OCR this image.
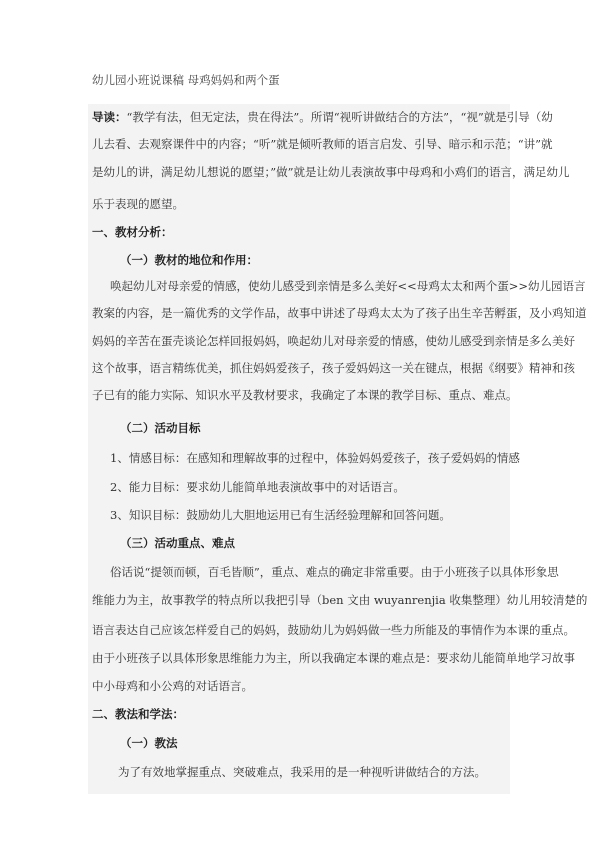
幼儿园小班说课稿 母鸡妈妈和两个蛋
导读：“教学有法，但无定法，贵在得法”。所谓“视听讲做结合的方法”，“视”就是引导（幼
儿去看、去观察课件中的内容；“听”就是倾听教师的语言启发、引导、暗示和示范；“讲”就
是幼儿的讲，满足幼儿想说的愿望；”做”就是让幼儿表演故事中母鸡和小鸡们的语言，满足幼儿
乐于表现的愿望。
一、教材分析：
（一）教材的地位和作用：
唤起幼儿对母亲爱的情感，使幼儿感受到亲情是多么美好<<母鸡太太和两个蛋>>幼儿园语言
教案的内容，是一篇优秀的文学作品，故事中讲述了母鸡太太为了孩子出生辛苦孵蛋，及小鸡知道
妈妈的辛苦在蛋壳谈论怎样回报妈妈，唤起幼儿对母亲爱的情感，使幼儿感受到亲情是多么美好
这个故事，语言精练优美，抓住妈妈爱孩子，孩子爱妈妈这一关在键点，根据《纲要》精神和孩
子已有的能力实际、知识水平及教材要求，我确定了本课的教学目标、重点、难点。
（二）活动目标
1、情感目标：在感知和理解故事的过程中，体验妈妈爱孩子，孩子爱妈妈的情感
2、能力目标：要求幼儿能简单地表演故事中的对话语言。
3、知识目标：鼓励幼儿大胆地运用已有生活经验理解和回答问题。
（三）活动重点、难点
俗话说“提领而顿，百毛皆顺”，重点、难点的确定非常重要。由于小班孩子以具体形象思
维能力为主，故事教学的特点所以我把引导（ben 文由 wuyanrenjia 收集整理）幼儿用较清楚的
语言表达自己应该怎样爱自己的妈妈，鼓励幼儿为妈妈做一些力所能及的事情作为本课的重点。
由于小班孩子以具体形象思维能力为主，所以我确定本课的难点是：要求幼儿能简单地学习故事
中小母鸡和小公鸡的对话语言。
二、教法和学法：
（一）教法
为了有效地掌握重点、突破难点，我采用的是一种视听讲做结合的方法。
